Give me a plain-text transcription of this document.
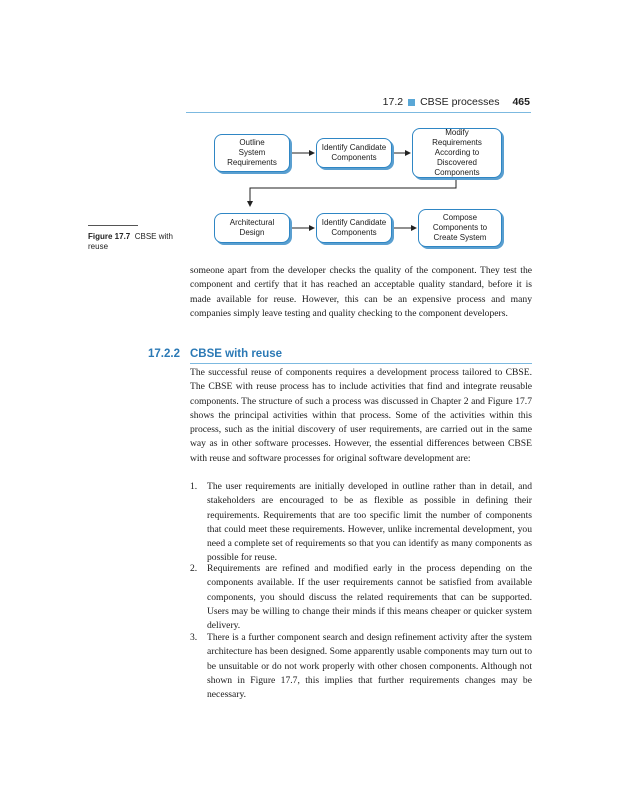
17.2 CBSE processes 465
Outline
System
Requirements
Identify Candidate
Components
Modify
Requirements
According to Discovered
Components
Architectural
Design
Identify Candidate
Components
Compose
Components to
Create System
Figure 17.7 CBSE with reuse
someone apart from the developer checks the quality of the component. They test the component and certify that it has reached an acceptable quality standard, before it is made available for reuse. However, this can be an expensive process and many companies simply leave testing and quality checking to the component developers.
17.2.2 CBSE with reuse
The successful reuse of components requires a development process tailored to CBSE. The CBSE with reuse process has to include activities that find and integrate reusable components. The structure of such a process was discussed in Chapter 2 and Figure 17.7 shows the principal activities within that process. Some of the activities within this process, such as the initial discovery of user requirements, are carried out in the same way as in other software processes. However, the essential differences between CBSE with reuse and software processes for original software development are:
1.	The user requirements are initially developed in outline rather than in detail, and stakeholders are encouraged to be as flexible as possible in defining their requirements. Requirements that are too specific limit the number of components that could meet these requirements. However, unlike incremental development, you need a complete set of requirements so that you can identify as many components as possible for reuse.
2.	Requirements are refined and modified early in the process depending on the components available. If the user requirements cannot be satisfied from available components, you should discuss the related requirements that can be supported. Users may be willing to change their minds if this means cheaper or quicker system delivery.
3.	There is a further component search and design refinement activity after the system architecture has been designed. Some apparently usable components may turn out to be unsuitable or do not work properly with other chosen components. Although not shown in Figure 17.7, this implies that further requirements changes may be necessary.
